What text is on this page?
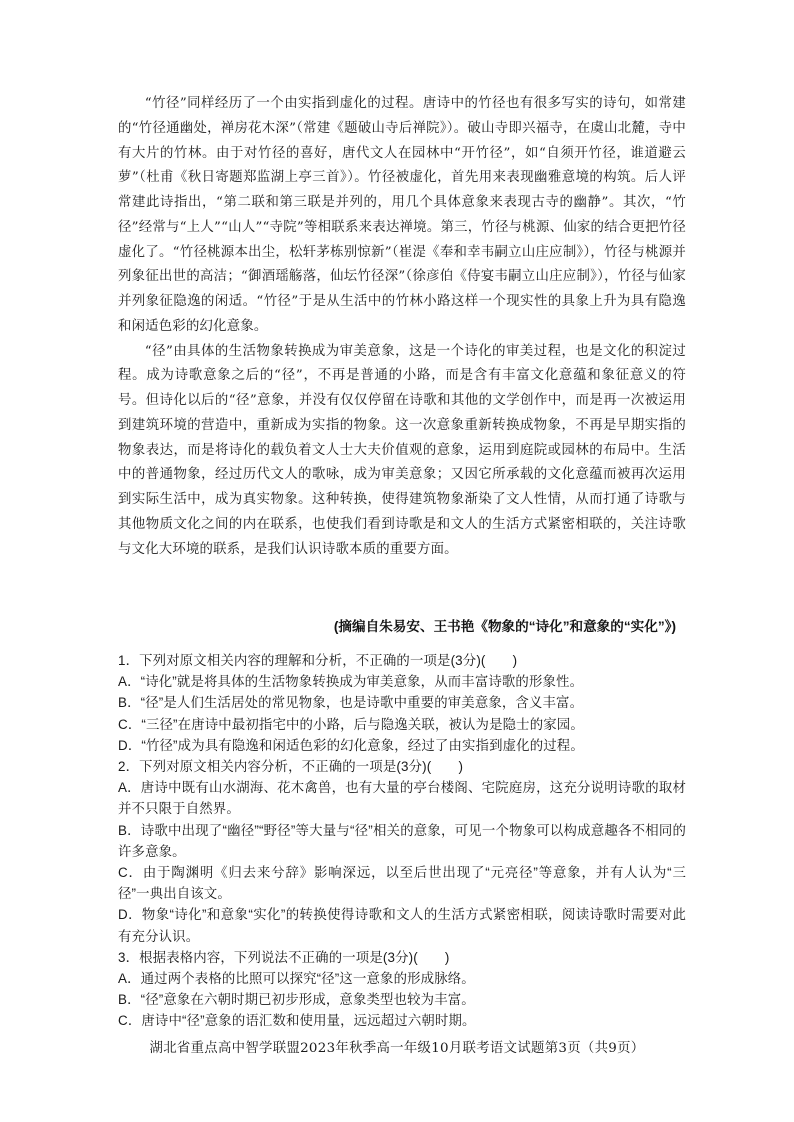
“竹径”同样经历了一个由实指到虚化的过程。唐诗中的竹径也有很多写实的诗句，如常建的“竹径通幽处，禅房花木深”（常建《题破山寺后禅院》）。破山寺即兴福寺，在虞山北麓，寺中有大片的竹林。由于对竹径的喜好，唐代文人在园林中“开竹径”，如“自须开竹径，谁道避云萝”（杜甫《秋日寄题郑监湖上亭三首》）。竹径被虚化，首先用来表现幽雅意境的构筑。后人评常建此诗指出，“第二联和第三联是并列的，用几个具体意象来表现古寺的幽静”。其次，“竹径”经常与“上人”“山人”“寺院”等相联系来表达禅境。第三，竹径与桃源、仙家的结合更把竹径虚化了。“竹径桃源本出尘，松轩茅栋别惊新”（崔湜《奉和幸韦嗣立山庄应制》），竹径与桃源并列象征出世的高洁；“御酒瑶觞落，仙坛竹径深”（徐彦伯《侍宴韦嗣立山庄应制》），竹径与仙家并列象征隐逸的闲适。“竹径”于是从生活中的竹林小路这样一个现实性的具象上升为具有隐逸和闲适色彩的幻化意象。

“径”由具体的生活物象转换成为审美意象，这是一个诗化的审美过程，也是文化的积淀过程。成为诗歌意象之后的“径”，不再是普通的小路，而是含有丰富文化意蕴和象征意义的符号。但诗化以后的“径”意象，并没有仅仅停留在诗歌和其他的文学创作中，而是再一次被运用到建筑环境的营造中，重新成为实指的物象。这一次意象重新转换成物象，不再是早期实指的物象表达，而是将诗化的载负着文人士大夫价值观的意象，运用到庭院或园林的布局中。生活中的普通物象，经过历代文人的歌咏，成为审美意象；又因它所承载的文化意蕴而被再次运用到实际生活中，成为真实物象。这种转换，使得建筑物象渐染了文人性情，从而打通了诗歌与其他物质文化之间的内在联系，也使我们看到诗歌是和文人的生活方式紧密相联的，关注诗歌与文化大环境的联系，是我们认识诗歌本质的重要方面。

(摘编自朱易安、王书艳《物象的“诗化”和意象的“实化”》)
1．下列对原文相关内容的理解和分析，不正确的一项是(3分)(　　)
A．“诗化”就是将具体的生活物象转换成为审美意象，从而丰富诗歌的形象性。
B．“径”是人们生活居处的常见物象，也是诗歌中重要的审美意象，含义丰富。
C．“三径”在唐诗中最初指宅中的小路，后与隐逸关联，被认为是隐士的家园。
D．“竹径”成为具有隐逸和闲适色彩的幻化意象，经过了由实指到虚化的过程。
2．下列对原文相关内容分析，不正确的一项是(3分)(　　)
A．唐诗中既有山水湖海、花木禽兽，也有大量的亭台楼阁、宅院庭房，这充分说明诗歌的取材并不只限于自然界。
B．诗歌中出现了“幽径”“野径”等大量与“径”相关的意象，可见一个物象可以构成意趣各不相同的许多意象。
C．由于陶渊明《归去来兮辞》影响深远，以至后世出现了“元亮径”等意象，并有人认为“三径”一典出自该文。
D．物象“诗化”和意象“实化”的转换使得诗歌和文人的生活方式紧密相联，阅读诗歌时需要对此有充分认识。
3．根据表格内容，下列说法不正确的一项是(3分)(　　)
A．通过两个表格的比照可以探究“径”这一意象的形成脉络。
B．“径”意象在六朝时期已初步形成，意象类型也较为丰富。
C．唐诗中“径”意象的语汇数和使用量，远远超过六朝时期。
湖北省重点高中智学联盟2023年秋季高一年级10月联考语文试题第3页（共9页）
